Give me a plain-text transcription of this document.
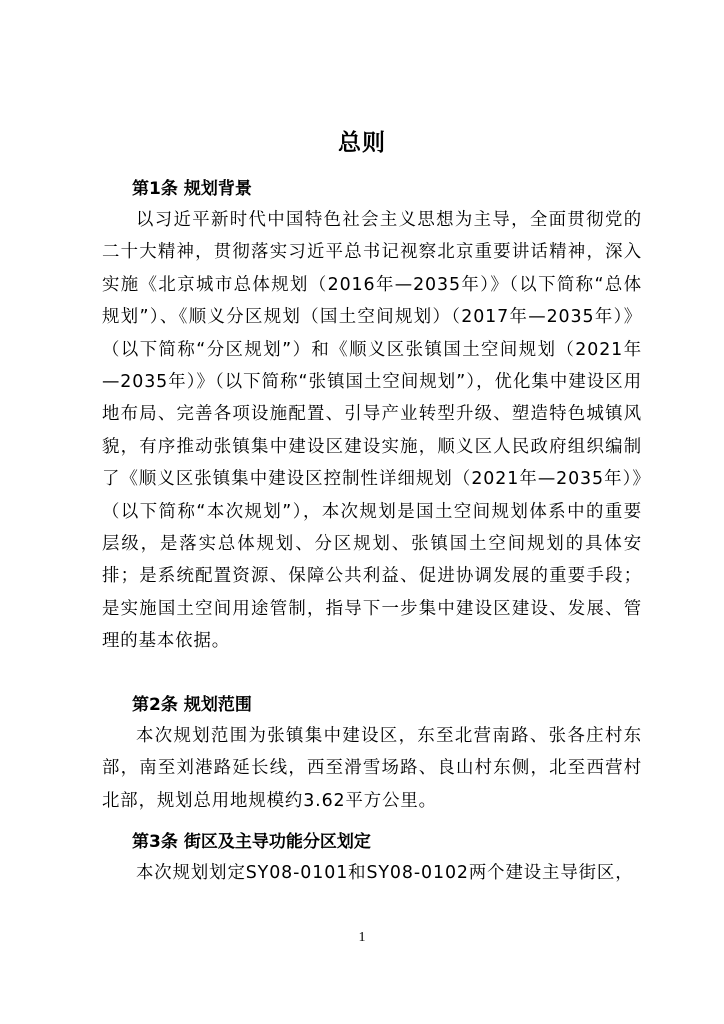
总则
第1条 规划背景

以习近平新时代中国特色社会主义思想为主导，全面贯彻党的二十大精神，贯彻落实习近平总书记视察北京重要讲话精神，深入实施《北京城市总体规划（2016年—2035年）》（以下简称“总体规划”）、《顺义分区规划（国土空间规划）（2017年—2035年）》（以下简称“分区规划”）和《顺义区张镇国土空间规划（2021年—2035年）》（以下简称“张镇国土空间规划”），优化集中建设区用地布局、完善各项设施配置、引导产业转型升级、塑造特色城镇风貌，有序推动张镇集中建设区建设实施，顺义区人民政府组织编制了《顺义区张镇集中建设区控制性详细规划（2021年—2035年）》（以下简称“本次规划”），本次规划是国土空间规划体系中的重要层级，是落实总体规划、分区规划、张镇国土空间规划的具体安排；是系统配置资源、保障公共利益、促进协调发展的重要手段；是实施国土空间用途管制，指导下一步集中建设区建设、发展、管理的基本依据。

第2条 规划范围

本次规划范围为张镇集中建设区，东至北营南路、张各庄村东部，南至刘港路延长线，西至滑雪场路、良山村东侧，北至西营村北部，规划总用地规模约3.62平方公里。

第3条 街区及主导功能分区划定

本次规划划定SY08-0101和SY08-0102两个建设主导街区，

1
